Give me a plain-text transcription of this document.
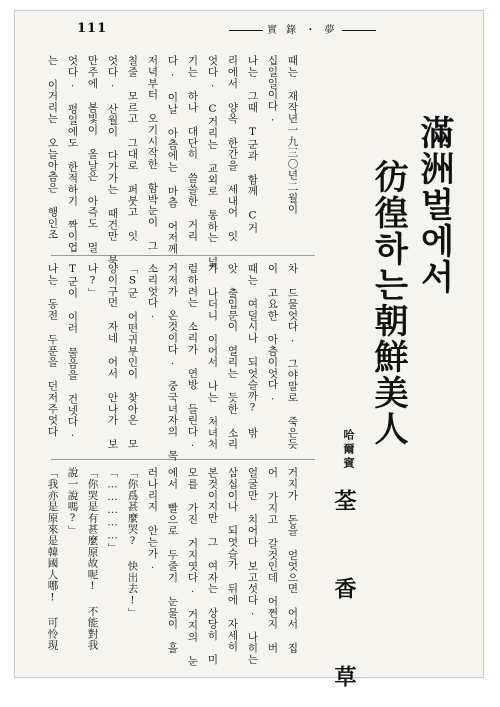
111	實 錄 ・ 夢
滿洲벌에서
彷徨하는朝鮮美人
哈爾賓
荃 香 草
때는 재작년一九三〇년二월이
십일일이다.
나는 그때 T군과 함께 C거
리에서 양옥 한간을 세내어 잇
엇다. C거리는 교외로 통하는 넓
기는 하나 대단히 쓸쓸한 거리
다. 이날 아츰에는 마츰 어저께
저녁부터 오기시작한 함박눈이 그
칠줄 모르고 그대로 퍼붓고 잇
엇다. 산월이 다가가는 때건만 북
만주에 봄빛이 올날은 아즉도 멀
엇다. 평일에도 한적하기 짝이업
는 이거리는 오늘아츰은 행인조
차 드물엇다. 그야말로 죽은듯
이 고요한 아츰이엇다.
때는 여덜시나 되엇슬까? 밖
앗 출입문이 열리는 듯한 소리
가 나더니 이어서 나는 처녀처
럼하려는 소리가 연방 들린다.
거저가 온것이다. 중국녀자의 목
소리엇다.
「S군 어떤귀부인이 찾아온 모
양이구먼 자네 어서 안나가 보
나?」
T군이 이러 물음을 건넷다.
나는 동전 두푼을 던저주엇다
거지가 돈을 얻엇으면 어서 집
어 가지고 갈것인데 어쩐지 버
얼굴만 치어다 보고섯다. 나히는
삼십이나 되엇슬가 뒤에 자세히
본것이지만 그 여자는 상당히 미
모를 가진 거지엿다. 거지의 눈
에서 빨으로 두줄기 눈물이 흘
러나리지 안는가.
「你爲甚麼哭? 快出去!」
「……………」
「你哭是有甚麼原故呢! 不能對我
說一說嗎?」
「我亦是原來是韓國人哪! 可怜現
